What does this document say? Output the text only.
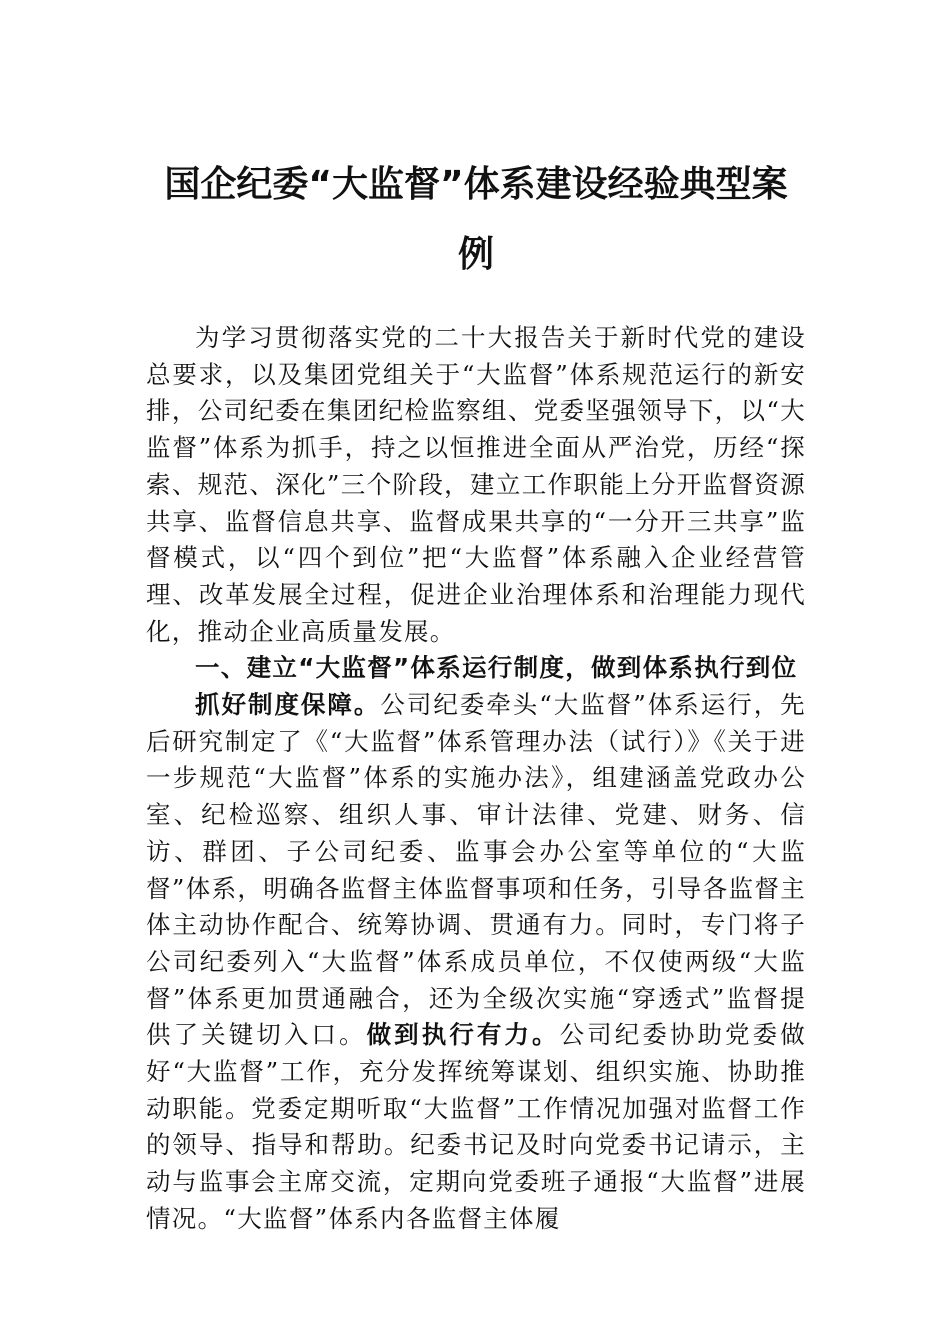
国企纪委“大监督”体系建设经验典型案
例

为学习贯彻落实党的二十大报告关于新时代党的建设总要求，以及集团党组关于“大监督”体系规范运行的新安排，公司纪委在集团纪检监察组、党委坚强领导下，以“大监督”体系为抓手，持之以恒推进全面从严治党，历经“探索、规范、深化”三个阶段，建立工作职能上分开监督资源共享、监督信息共享、监督成果共享的“一分开三共享”监督模式，以“四个到位”把“大监督”体系融入企业经营管理、改革发展全过程，促进企业治理体系和治理能力现代化，推动企业高质量发展。

一、建立“大监督”体系运行制度，做到体系执行到位

抓好制度保障。公司纪委牵头“大监督”体系运行，先后研究制定了《“大监督”体系管理办法（试行）》《关于进一步规范“大监督”体系的实施办法》，组建涵盖党政办公室、纪检巡察、组织人事、审计法律、党建、财务、信访、群团、子公司纪委、监事会办公室等单位的“大监督”体系，明确各监督主体监督事项和任务，引导各监督主体主动协作配合、统筹协调、贯通有力。同时，专门将子公司纪委列入“大监督”体系成员单位，不仅使两级“大监督”体系更加贯通融合，还为全级次实施“穿透式”监督提供了关键切入口。做到执行有力。公司纪委协助党委做好“大监督”工作，充分发挥统筹谋划、组织实施、协助推动职能。党委定期听取“大监督”工作情况加强对监督工作的领导、指导和帮助。纪委书记及时向党委书记请示，主动与监事会主席交流，定期向党委班子通报“大监督”进展情况。“大监督”体系内各监督主体履
